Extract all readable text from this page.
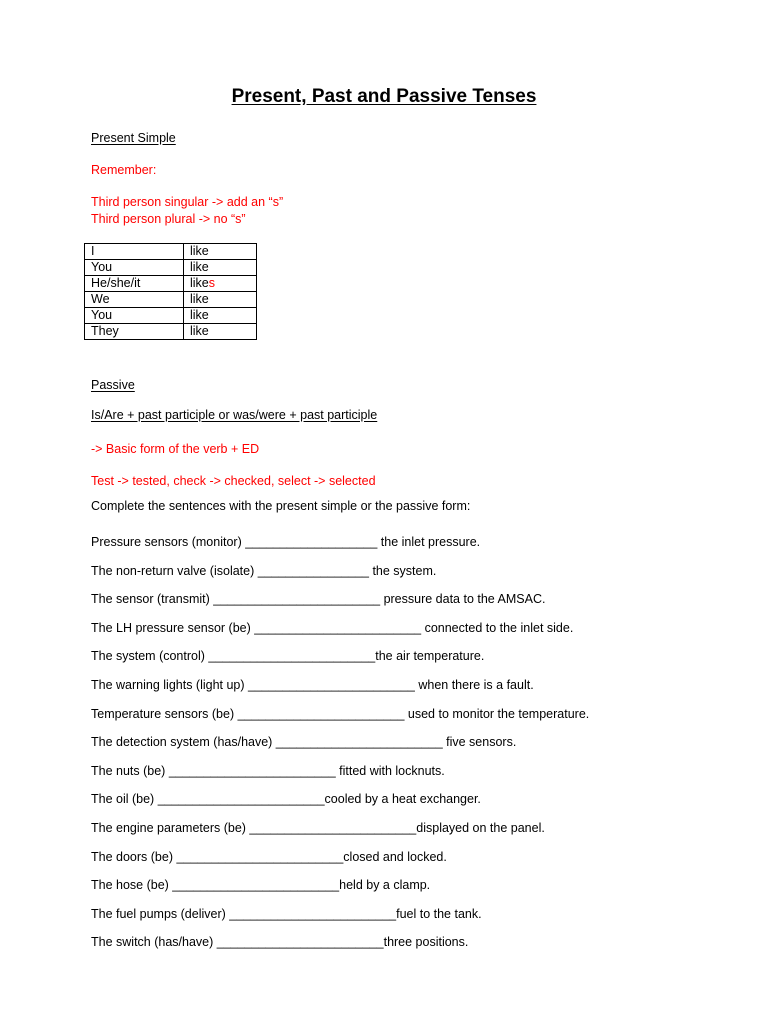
Present, Past and Passive Tenses

Present Simple

Remember:

Third person singular -> add an “s”

Third person plural -> no “s”

I	like
You	like
He/she/it	likes
We	like
You	like
They	like

Passive

Is/Are + past participle or was/were + past participle

-> Basic form of the verb + ED

Test -> tested, check -> checked, select -> selected

Complete the sentences with the present simple or the passive form:

Pressure sensors (monitor) ___________________ the inlet pressure.
The non-return valve (isolate) ________________ the system.
The sensor (transmit) ________________________ pressure data to the AMSAC.
The LH pressure sensor (be) ________________________ connected to the inlet side.
The system (control) ________________________the air temperature.
The warning lights (light up) ________________________ when there is a fault.
Temperature sensors (be) ________________________ used to monitor the temperature.
The detection system (has/have) ________________________ five sensors.
The nuts (be) ________________________ fitted with locknuts.
The oil (be) ________________________cooled by a heat exchanger.
The engine parameters (be) ________________________displayed on the panel.
The doors (be) ________________________closed and locked.
The hose (be) ________________________held by a clamp.
The fuel pumps (deliver) ________________________fuel to the tank.
The switch (has/have) ________________________three positions.
